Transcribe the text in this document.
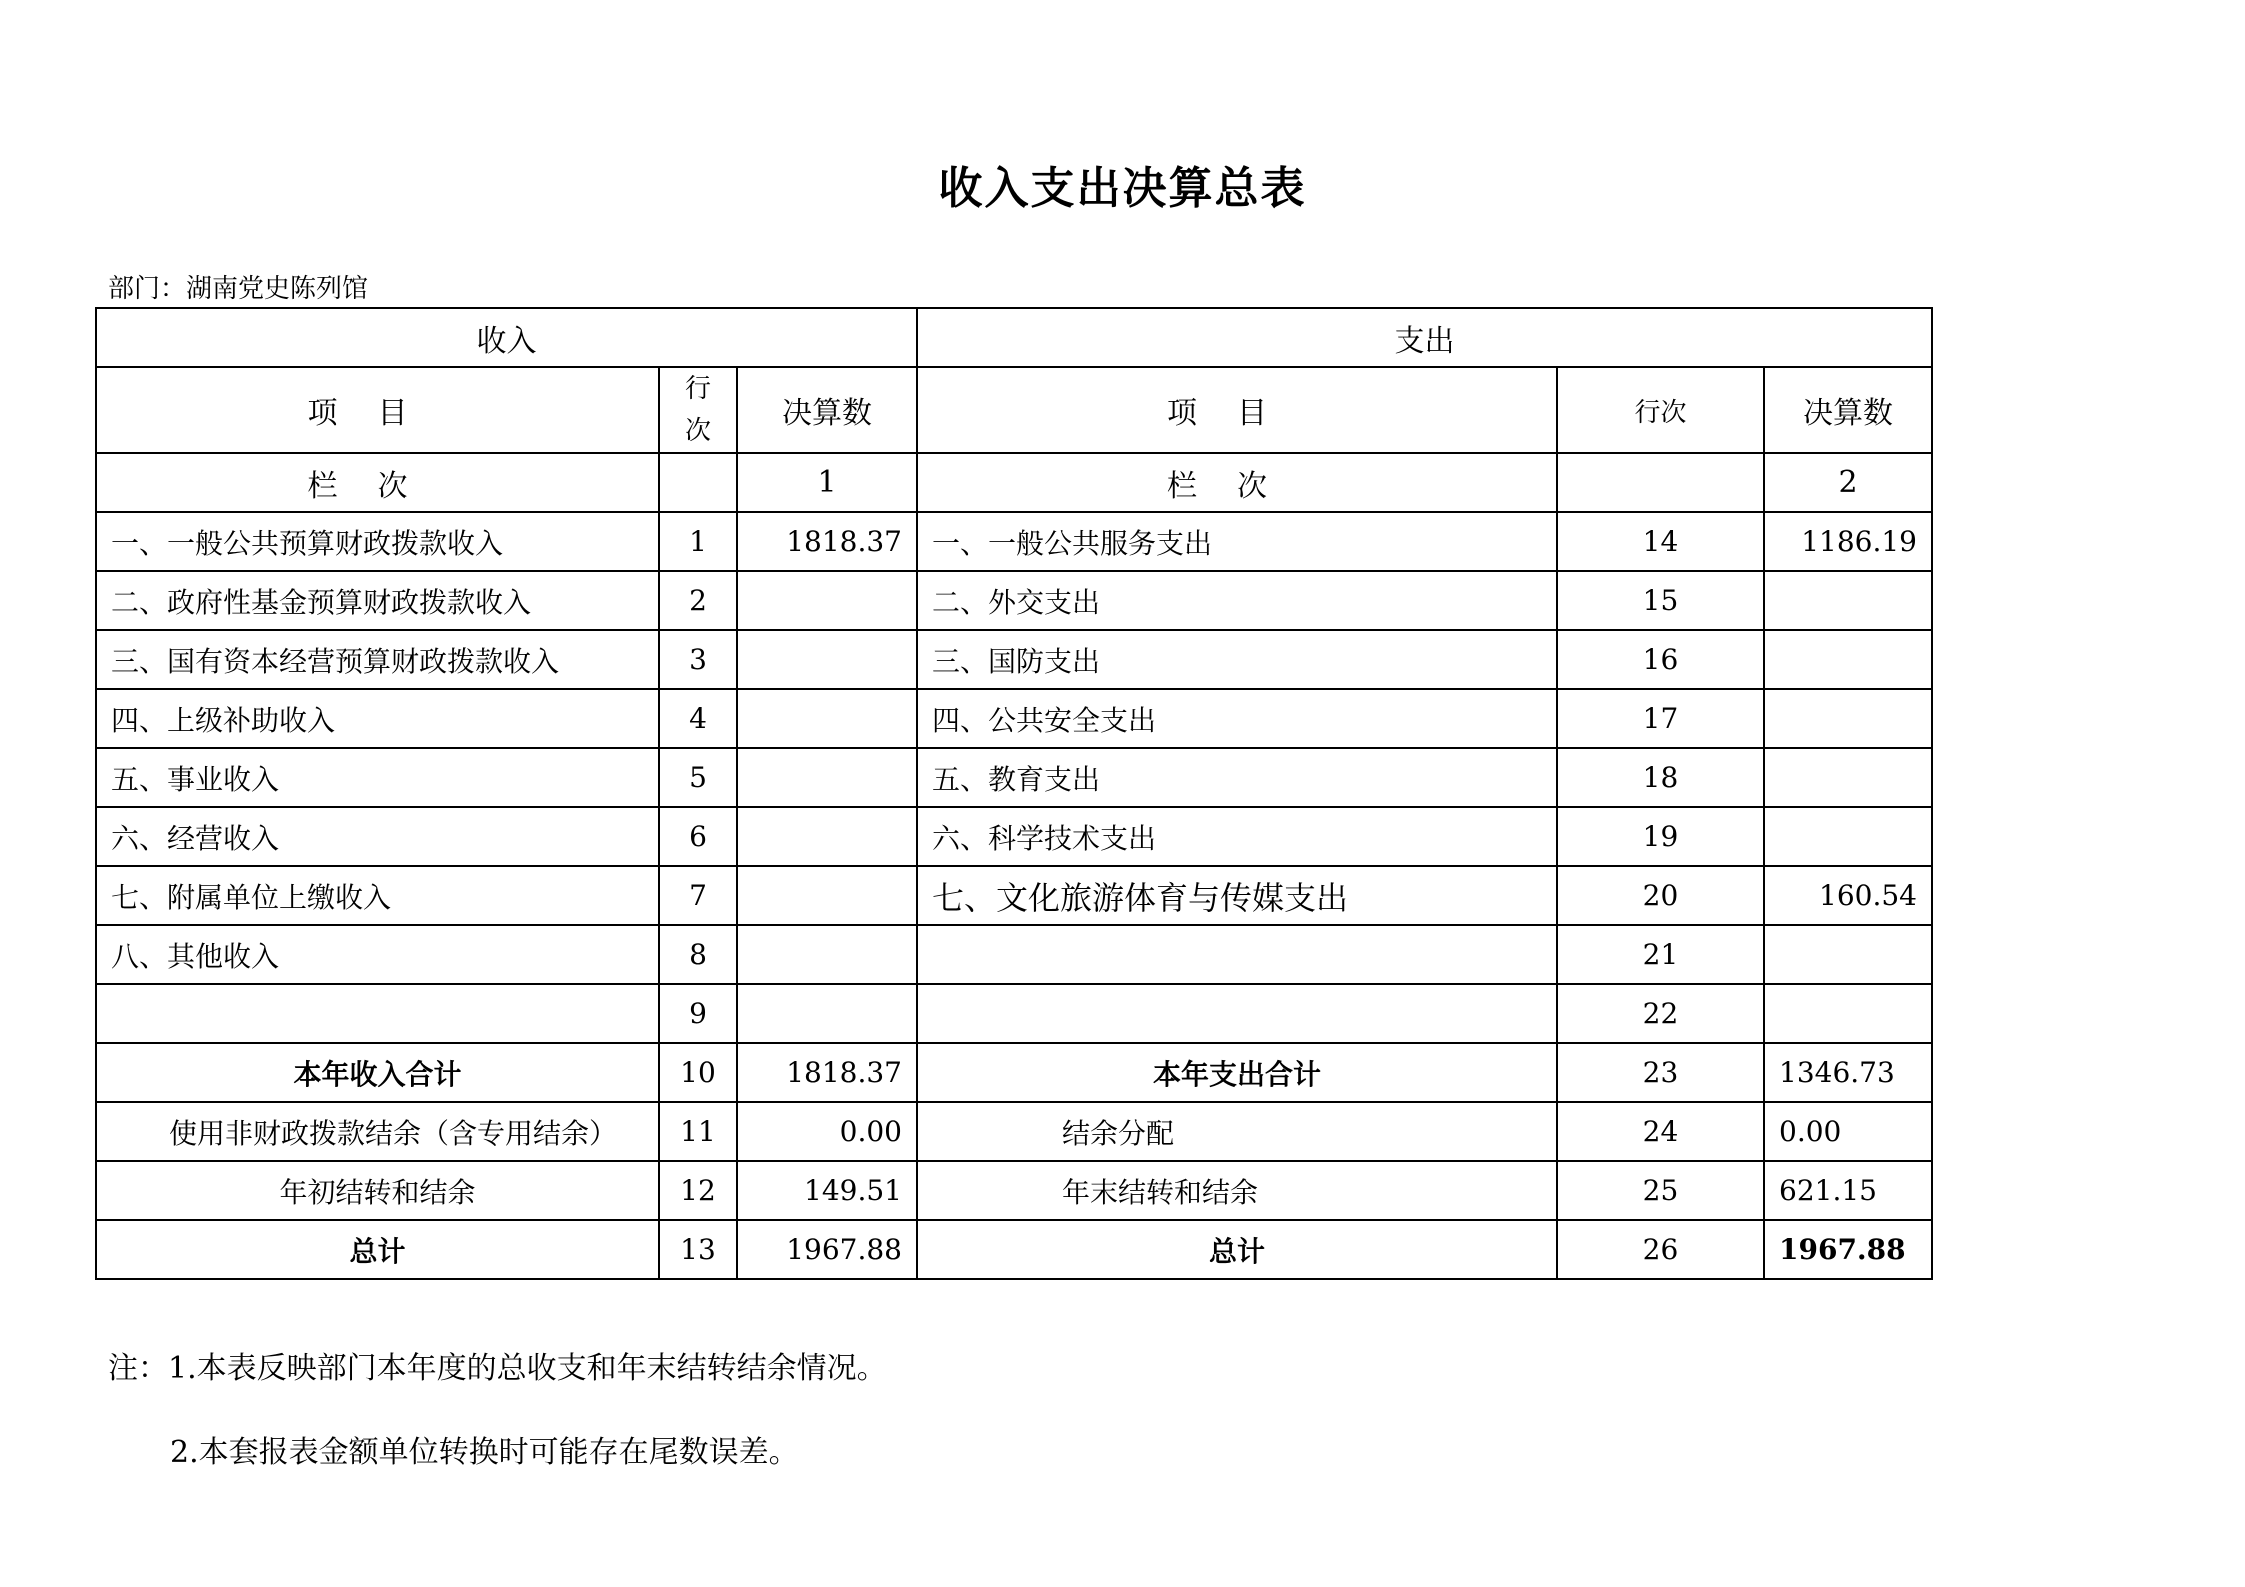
收入支出决算总表
部门：湖南党史陈列馆
收入			支出		
项目	行次	决算数	项目	行次	决算数
栏次		1	栏次		2
一、一般公共预算财政拨款收入	1	1818.37	一、一般公共服务支出	14	1186.19
二、政府性基金预算财政拨款收入	2		二、外交支出	15	
三、国有资本经营预算财政拨款收入	3		三、国防支出	16	
四、上级补助收入	4		四、公共安全支出	17	
五、事业收入	5		五、教育支出	18	
六、经营收入	6		六、科学技术支出	19	
七、附属单位上缴收入	7		七、文化旅游体育与传媒支出	20	160.54
八、其他收入	8			21	
	9			22	
本年收入合计	10	1818.37	本年支出合计	23	1346.73
使用非财政拨款结余（含专用结余）	11	0.00	结余分配	24	0.00
年初结转和结余	12	149.51	年末结转和结余	25	621.15
总计	13	1967.88	总计	26	1967.88
注：1.本表反映部门本年度的总收支和年末结转结余情况。
2.本套报表金额单位转换时可能存在尾数误差。
